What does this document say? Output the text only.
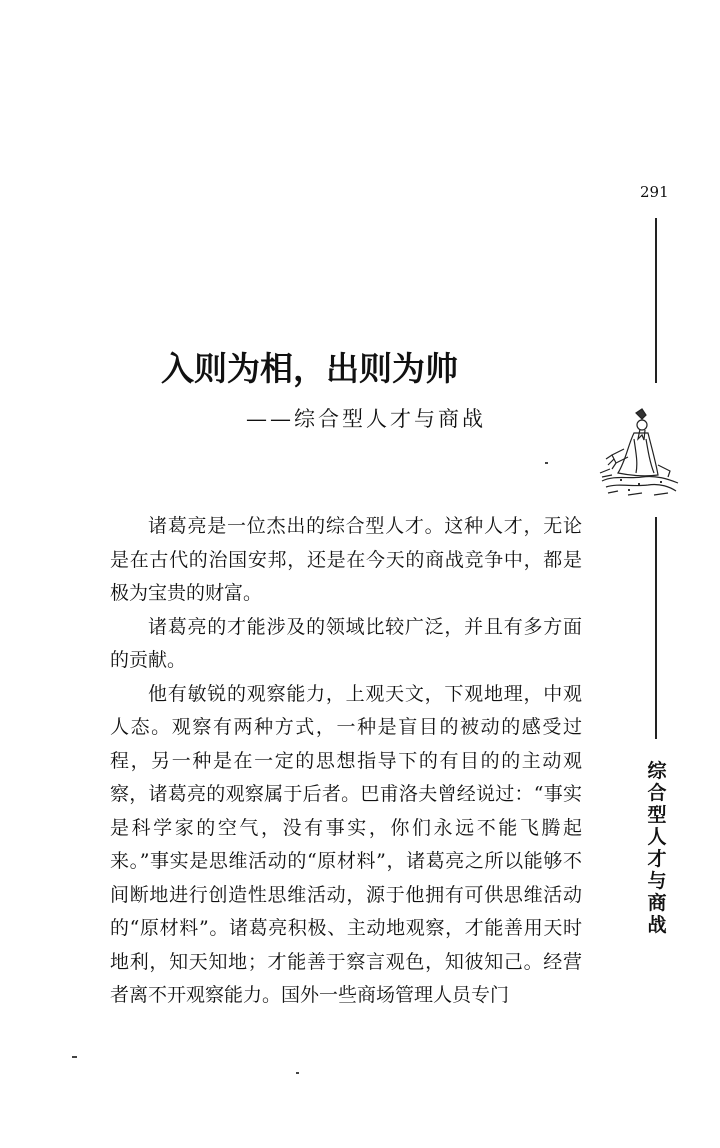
291
综合型人才与商战
入则为相，出则为帅
——综合型人才与商战

诸葛亮是一位杰出的综合型人才。这种人才，无论是在古代的治国安邦，还是在今天的商战竞争中，都是极为宝贵的财富。

诸葛亮的才能涉及的领域比较广泛，并且有多方面的贡献。

他有敏锐的观察能力，上观天文，下观地理，中观人态。观察有两种方式，一种是盲目的被动的感受过程，另一种是在一定的思想指导下的有目的的主动观察，诸葛亮的观察属于后者。巴甫洛夫曾经说过：“事实是科学家的空气，没有事实，你们永远不能飞腾起来。”事实是思维活动的“原材料”，诸葛亮之所以能够不间断地进行创造性思维活动，源于他拥有可供思维活动的“原材料”。诸葛亮积极、主动地观察，才能善用天时地利，知天知地；才能善于察言观色，知彼知己。经营者离不开观察能力。国外一些商场管理人员专门
